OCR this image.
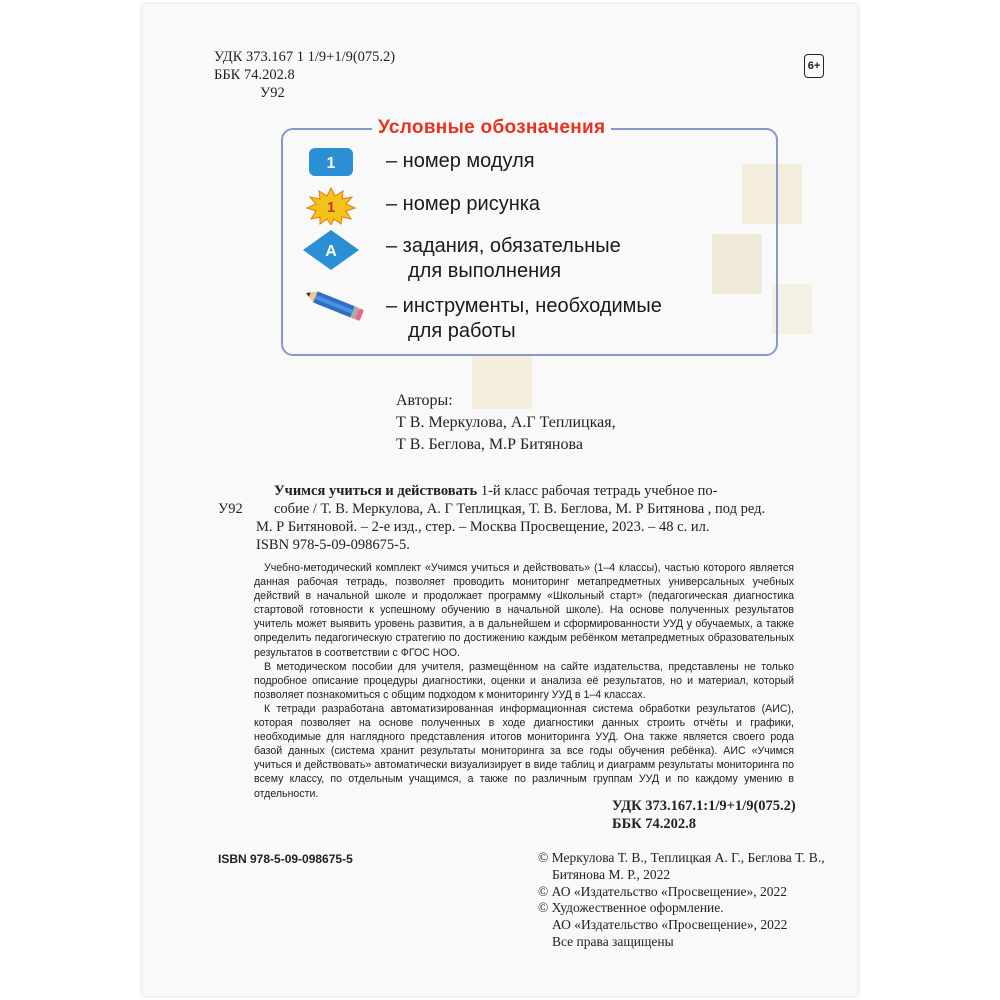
УДК 373.167 1 1/9+1/9(075.2)
ББК 74.202.8
У92
6+
Условные обозначения
1	– номер модуля
1	– номер рисунка
A – задания, обязательные
для выполнения
– инструменты, необходимые
для работы
Авторы:
Т В. Меркулова, А.Г Теплицкая,
Т В. Беглова, М.Р Битянова
Учимся учиться и действовать 1-й класс рабочая тетрадь учебное по-
У92 собие / Т. В. Меркулова, А. Г Теплицкая, Т. В. Беглова, М. Р Битянова , под ред.
М. Р Битяновой. – 2-е изд., стер. – Москва Просвещение, 2023. – 48 с. ил.
ISBN 978-5-09-098675-5.

Учебно-методический комплект «Учимся учиться и действовать» (1–4 классы), частью которого является данная рабочая тетрадь, позволяет проводить мониторинг метапредметных универсальных учебных действий в начальной школе и продолжает программу «Школьный старт» (педагогическая диагностика стартовой готовности к успешному обучению в начальной школе). На основе полученных результатов учитель может выявить уровень развития, а в дальнейшем и сформированности УУД у обучаемых, а также определить педагогическую стратегию по достижению каждым ребёнком метапредметных образовательных результатов в соответствии с ФГОС НОО.

В методическом пособии для учителя, размещённом на сайте издательства, представлены не только подробное описание процедуры диагностики, оценки и анализа её результатов, но и материал, который позволяет познакомиться с общим подходом к мониторингу УУД в 1–4 классах.

К тетради разработана автоматизированная информационная система обработки результатов (АИС), которая позволяет на основе полученных в ходе диагностики данных строить отчёты и графики, необходимые для наглядного представления итогов мониторинга УУД. Она также является своего рода базой данных (система хранит результаты мониторинга за все годы обучения ребёнка). АИС «Учимся учиться и действовать» автоматически визуализирует в виде таблиц и диаграмм результаты мониторинга по всему классу, по отдельным учащимся, а также по различным группам УУД и по каждому умению в отдельности.

УДК 373.167.1:1/9+1/9(075.2)
ББК 74.202.8
ISBN 978-5-09-098675-5	© Меркулова Т. В., Теплицкая А. Г., Беглова Т. В.,
Битянова М. Р., 2022
© АО «Издательство «Просвещение», 2022
© Художественное оформление.
АО «Издательство «Просвещение», 2022
Все права защищены
